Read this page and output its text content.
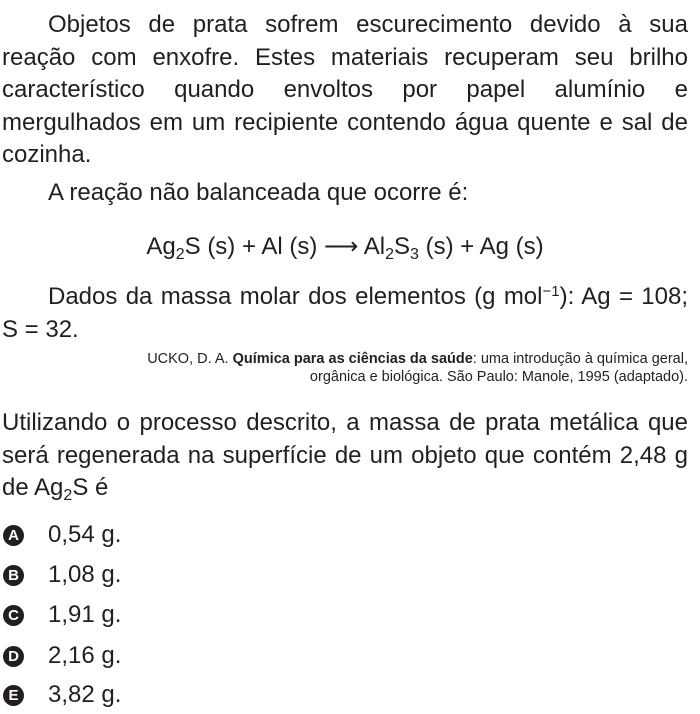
Objetos de prata sofrem escurecimento devido à sua reação com enxofre. Estes materiais recuperam seu brilho característico quando envoltos por papel alumínio e mergulhados em um recipiente contendo água quente e sal de cozinha.
A reação não balanceada que ocorre é:
$Ag_2S$ (s) + Al (s) ⟶ $Al_2S_3$ (s) + Ag (s)
Dados da massa molar dos elementos (g mol$^{-1}$): Ag = 108; S = 32.
UCKO, D. A. Química para as ciências da saúde: uma introdução à química geral,
orgânica e biológica. São Paulo: Manole, 1995 (adaptado).
Utilizando o processo descrito, a massa de prata metálica que será regenerada na superfície de um objeto que contém 2,48 g de $Ag_2S$ é
A 0,54 g.
B 1,08 g.
C 1,91 g.
D 2,16 g.
E 3,82 g.
